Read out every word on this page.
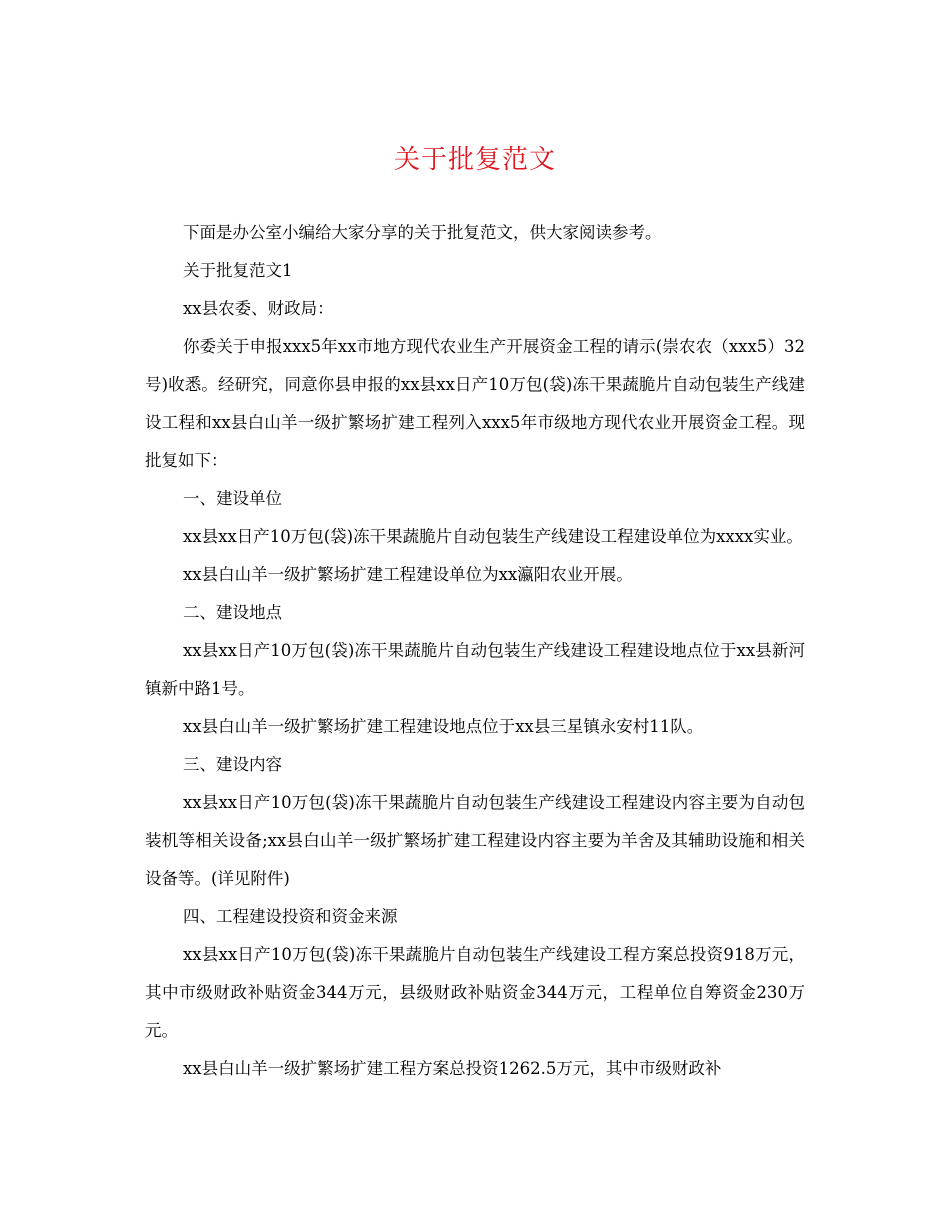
关于批复范文

下面是办公室小编给大家分享的关于批复范文，供大家阅读参考。

关于批复范文1

xx县农委、财政局：

你委关于申报xxx5年xx市地方现代农业生产开展资金工程的请示(崇农农（xxx5）32号)收悉。经研究，同意你县申报的xx县xx日产10万包(袋)冻干果蔬脆片自动包装生产线建设工程和xx县白山羊一级扩繁场扩建工程列入xxx5年市级地方现代农业开展资金工程。现批复如下：

一、建设单位

xx县xx日产10万包(袋)冻干果蔬脆片自动包装生产线建设工程建设单位为xxxx实业。

xx县白山羊一级扩繁场扩建工程建设单位为xx瀛阳农业开展。

二、建设地点

xx县xx日产10万包(袋)冻干果蔬脆片自动包装生产线建设工程建设地点位于xx县新河镇新中路1号。

xx县白山羊一级扩繁场扩建工程建设地点位于xx县三星镇永安村11队。

三、建设内容

xx县xx日产10万包(袋)冻干果蔬脆片自动包装生产线建设工程建设内容主要为自动包装机等相关设备;xx县白山羊一级扩繁场扩建工程建设内容主要为羊舍及其辅助设施和相关设备等。(详见附件)

四、工程建设投资和资金来源

xx县xx日产10万包(袋)冻干果蔬脆片自动包装生产线建设工程方案总投资918万元，其中市级财政补贴资金344万元，县级财政补贴资金344万元，工程单位自筹资金230万元。

xx县白山羊一级扩繁场扩建工程方案总投资1262.5万元，其中市级财政补
